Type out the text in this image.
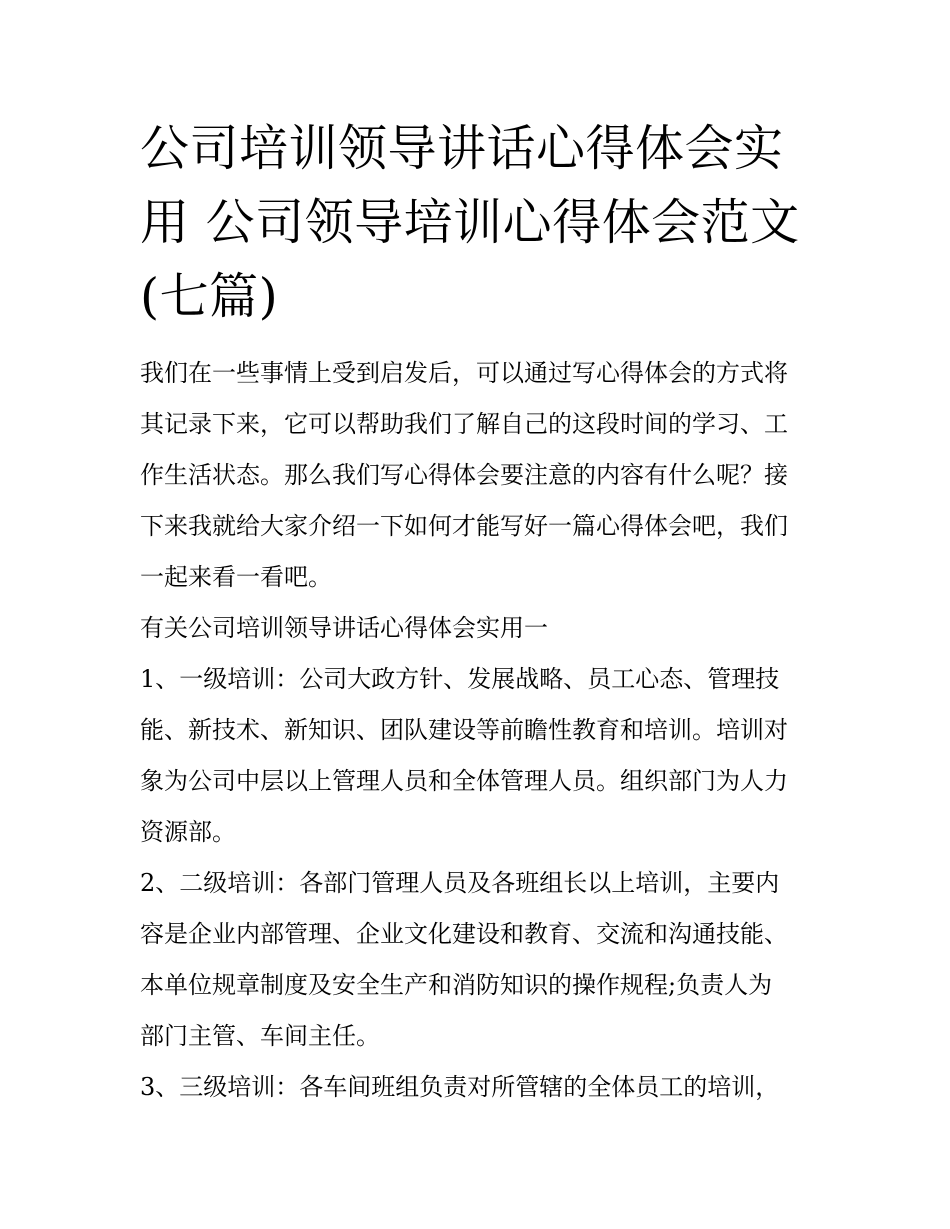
公司培训领导讲话心得体会实
用 公司领导培训心得体会范文
(七篇)
我们在一些事情上受到启发后，可以通过写心得体会的方式将
其记录下来，它可以帮助我们了解自己的这段时间的学习、工
作生活状态。那么我们写心得体会要注意的内容有什么呢？接
下来我就给大家介绍一下如何才能写好一篇心得体会吧，我们
一起来看一看吧。
有关公司培训领导讲话心得体会实用一
1、一级培训：公司大政方针、发展战略、员工心态、管理技
能、新技术、新知识、团队建设等前瞻性教育和培训。培训对
象为公司中层以上管理人员和全体管理人员。组织部门为人力
资源部。
2、二级培训：各部门管理人员及各班组长以上培训，主要内
容是企业内部管理、企业文化建设和教育、交流和沟通技能、
本单位规章制度及安全生产和消防知识的操作规程;负责人为
部门主管、车间主任。
3、三级培训：各车间班组负责对所管辖的全体员工的培训，
